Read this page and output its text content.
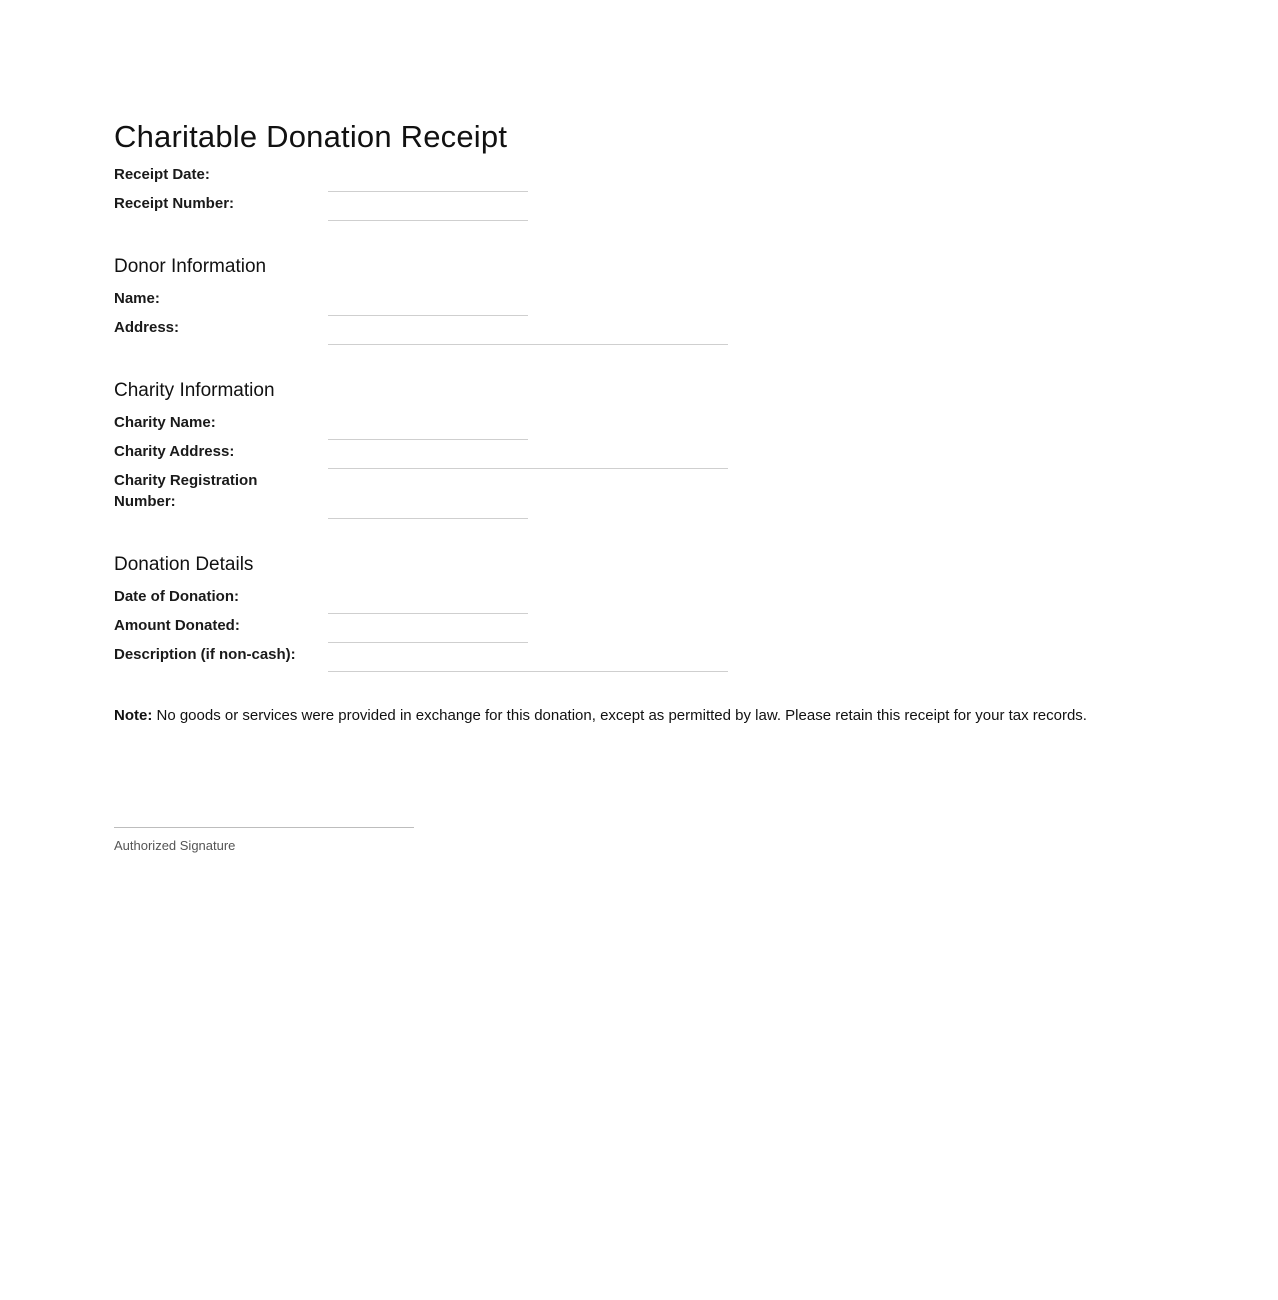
Charitable Donation Receipt
Receipt Date:
Receipt Number:
Donor Information
Name:
Address:
Charity Information
Charity Name:
Charity Address:
Charity Registration Number:
Donation Details
Date of Donation:
Amount Donated:
Description (if non-cash):
Note: No goods or services were provided in exchange for this donation, except as permitted by law. Please retain this receipt for your tax records.
Authorized Signature
